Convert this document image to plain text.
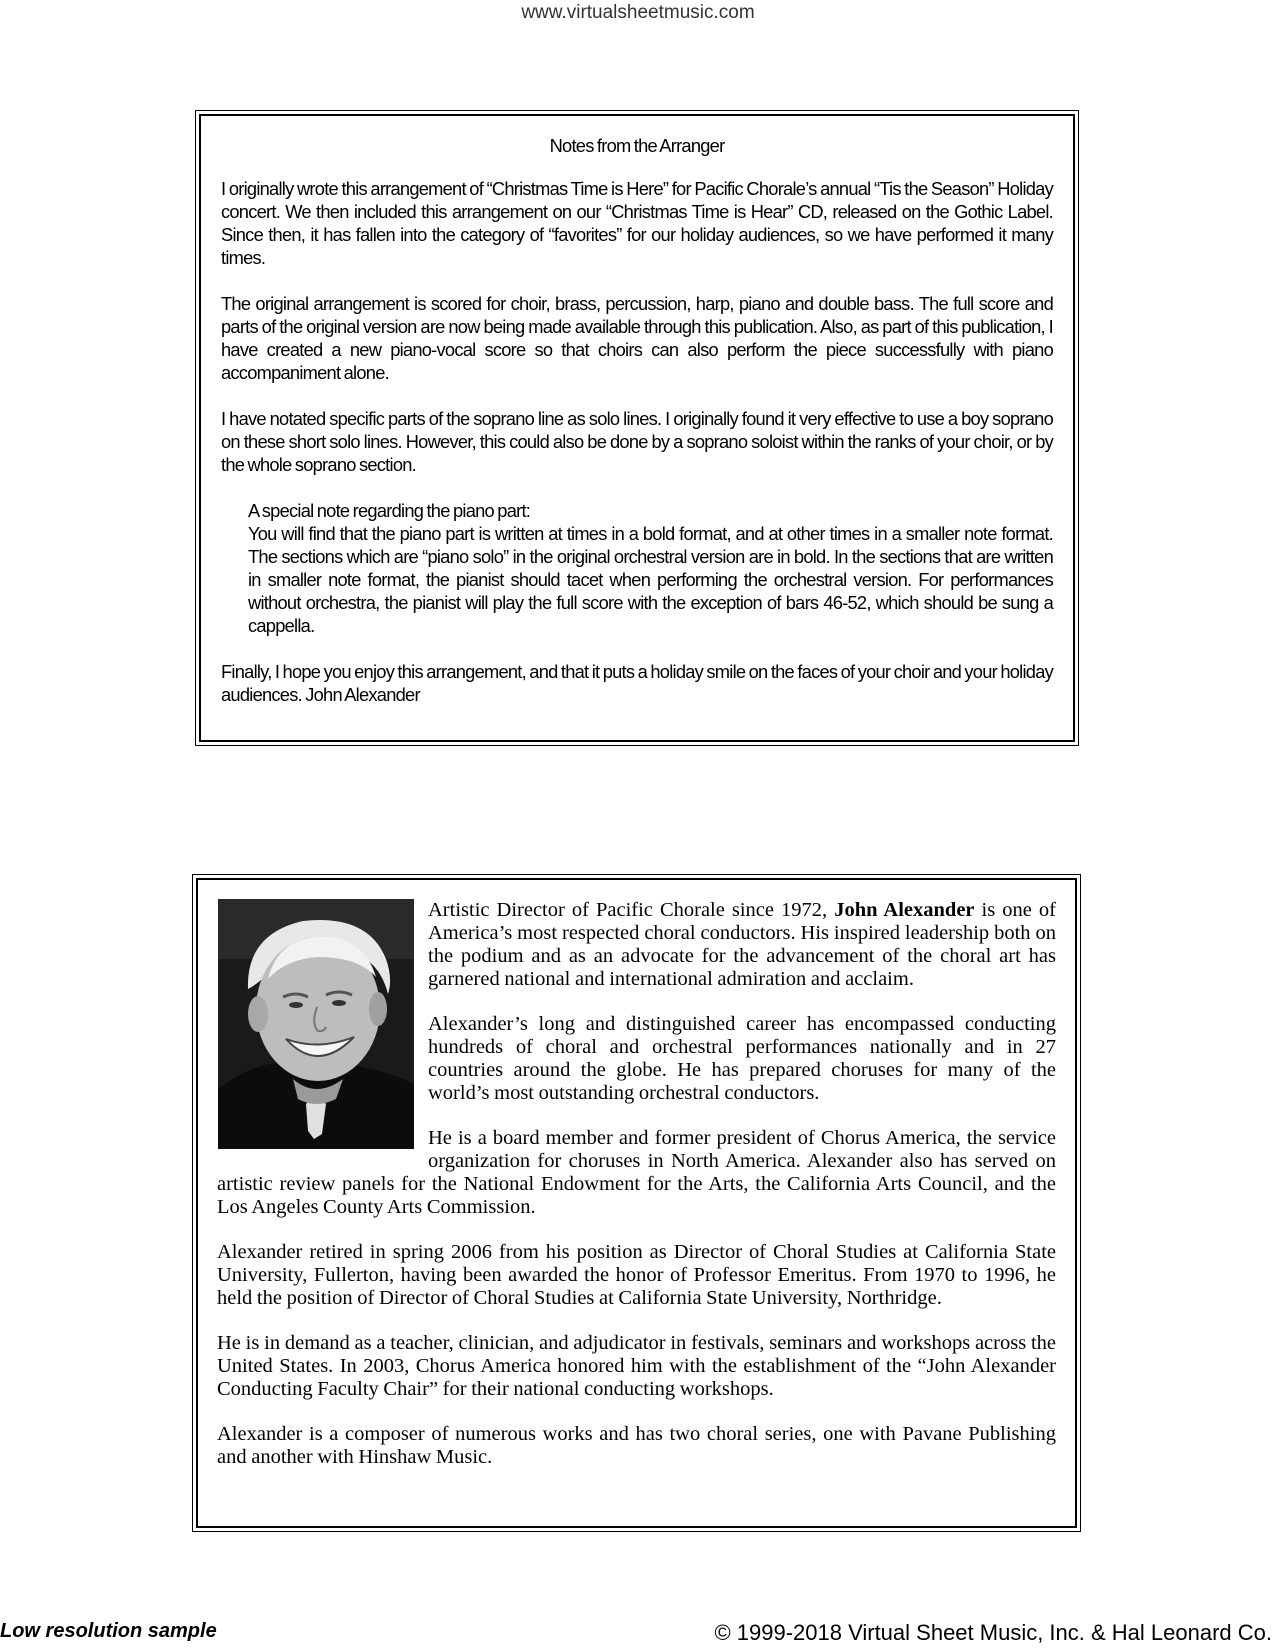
www.virtualsheetmusic.com

Notes from the Arranger

I originally wrote this arrangement of “Christmas Time is Here” for Pacific Chorale’s annual “Tis the Season” Holiday concert. We then included this arrangement on our “Christmas Time is Hear” CD, released on the Gothic Label. Since then, it has fallen into the category of “favorites” for our holiday audiences, so we have performed it many times.

The original arrangement is scored for choir, brass, percussion, harp, piano and double bass. The full score and parts of the original version are now being made available through this publication. Also, as part of this publication, I have created a new piano-vocal score so that choirs can also perform the piece successfully with piano accompaniment alone.

I have notated specific parts of the soprano line as solo lines. I originally found it very effective to use a boy soprano on these short solo lines. However, this could also be done by a soprano soloist within the ranks of your choir, or by the whole soprano section.

A special note regarding the piano part:

You will find that the piano part is written at times in a bold format, and at other times in a smaller note format. The sections which are “piano solo” in the original orchestral version are in bold. In the sections that are written in smaller note format, the pianist should tacet when performing the orchestral version. For performances without orchestra, the pianist will play the full score with the exception of bars 46-52, which should be sung a cappella.

Finally, I hope you enjoy this arrangement, and that it puts a holiday smile on the faces of your choir and your holiday audiences. John Alexander

Artistic Director of Pacific Chorale since 1972, John Alexander is one of America’s most respected choral conductors. His inspired leadership both on the podium and as an advocate for the advancement of the choral art has garnered national and international admiration and acclaim.

Alexander’s long and distinguished career has encompassed conducting hundreds of choral and orchestral performances nationally and in 27 countries around the globe. He has prepared choruses for many of the world’s most outstanding orchestral conductors.

He is a board member and former president of Chorus America, the service organization for choruses in North America. Alexander also has served on artistic review panels for the National Endowment for the Arts, the California Arts Council, and the Los Angeles County Arts Commission.

Alexander retired in spring 2006 from his position as Director of Choral Studies at California State University, Fullerton, having been awarded the honor of Professor Emeritus. From 1970 to 1996, he held the position of Director of Choral Studies at California State University, Northridge.

He is in demand as a teacher, clinician, and adjudicator in festivals, seminars and workshops across the United States. In 2003, Chorus America honored him with the establishment of the “John Alexander Conducting Faculty Chair” for their national conducting workshops.

Alexander is a composer of numerous works and has two choral series, one with Pavane Publishing and another with Hinshaw Music.

Low resolution sample	© 1999-2018 Virtual Sheet Music, Inc. & Hal Leonard Co.
